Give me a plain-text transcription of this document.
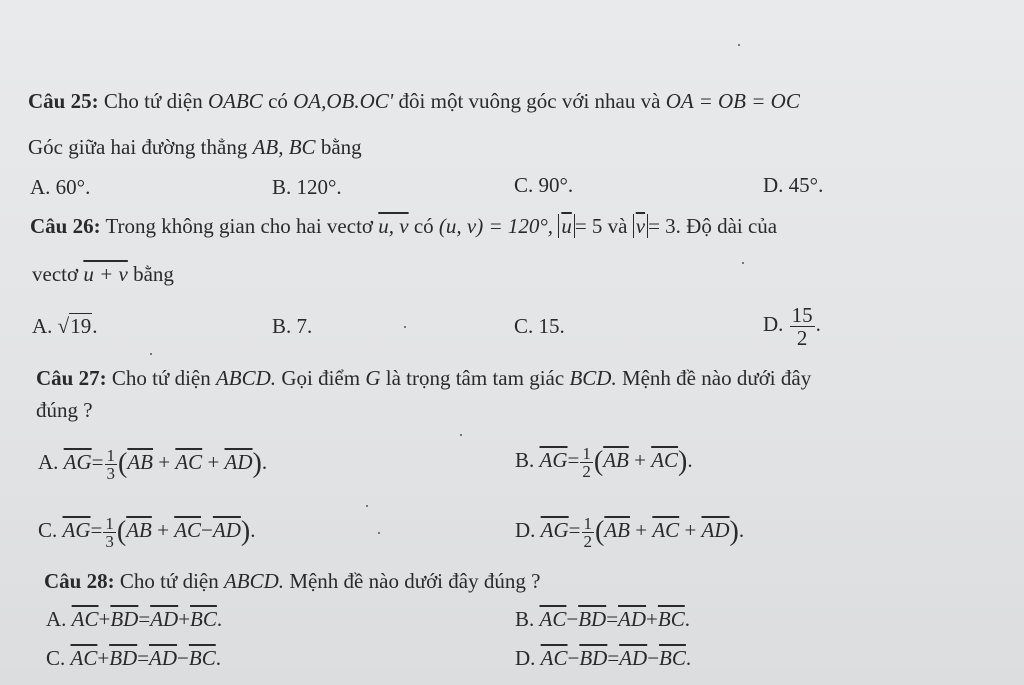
Câu 25: Cho tứ diện OABC có OA,OB.OC' đôi một vuông góc với nhau và OA = OB = OC
Góc giữa hai đường thẳng AB, BC bằng
A. 60°.	B. 120°.	C. 90°.	D. 45°.
Câu 26: Trong không gian cho hai vectơ u, v có (u, v) = 120°, $\overline{u} = 5$ và $\overline{v} = 3$. Độ dài của
vectơ u + v bằng
A. √19.	B. 7.	C. 15.	D. $\frac{15}{2}$ .
Câu 27: Cho tứ diện ABCD. Gọi điểm G là trọng tâm tam giác BCD. Mệnh đề nào dưới đây
đúng ?
A. $\overline{AG}= \frac{1}{3} (\overline{AB} + \overline{AC} + \overline{AD})$.	B. $\overline{AG}= \frac{1}{2} (\overline{AB} + \overline{AC})$.
C. $\overline{AG}= \frac{1}{3} (\overline{AB} + \overline{AC}-\overline{AD})$.	D. $\overline{AG}= \frac{1}{2} (\overline{AB} + \overline{AC} + \overline{AD})$.
Câu 28: Cho tứ diện ABCD. Mệnh đề nào dưới đây đúng ?
A. $\overline{AC}+\overline{BD}=\overline{AD}+\overline{BC}$.	B. $\overline{AC}-\overline{BD}=\overline{AD}+\overline{BC}$.
C. $\overline{AC}+\overline{BD}=\overline{AD}-\overline{BC}$.	D. $\overline{AC}-\overline{BD}=\overline{AD}-\overline{BC}$.
